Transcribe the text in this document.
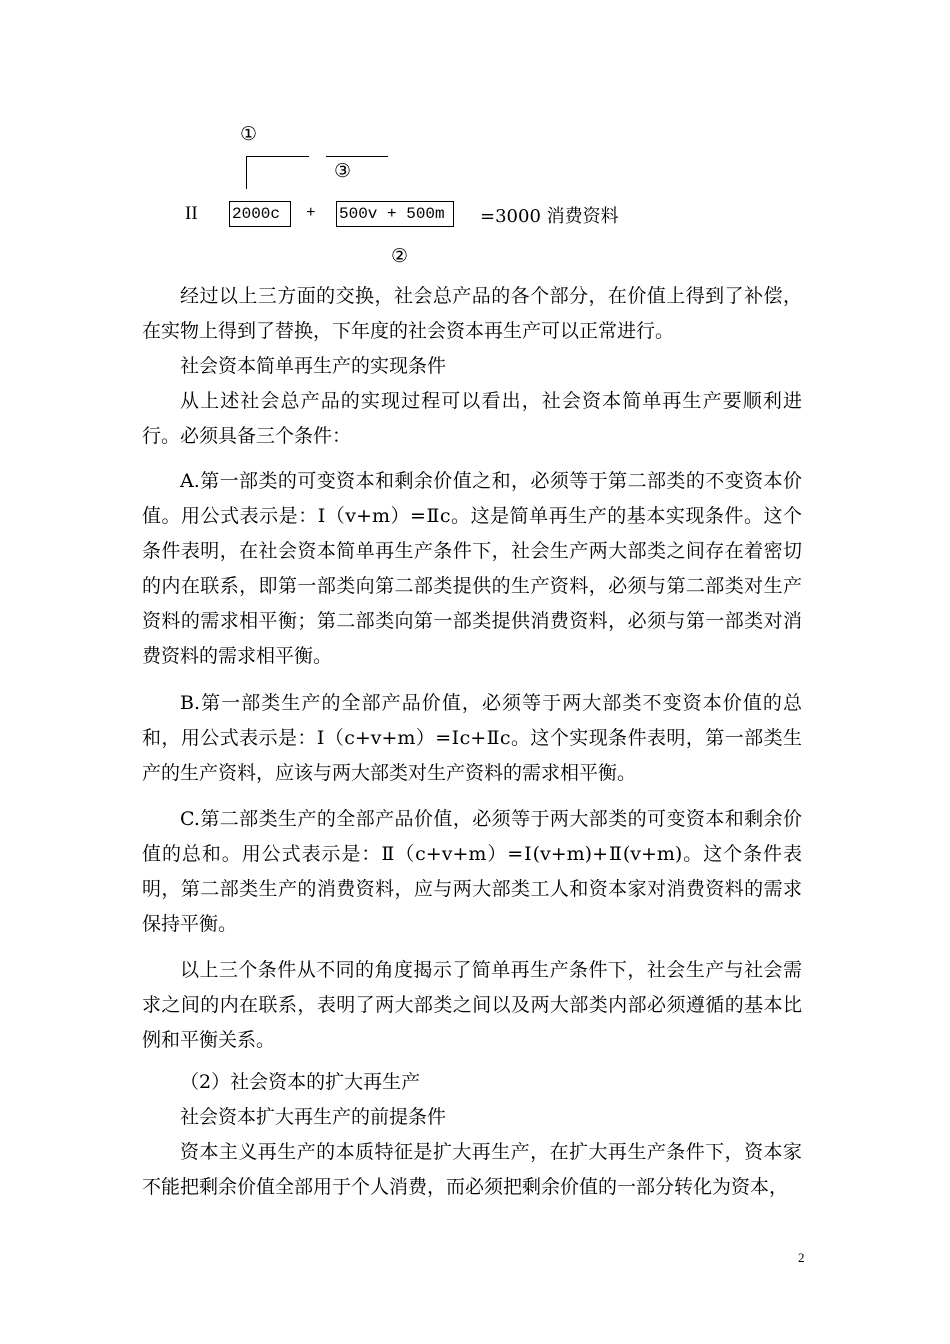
①
③
II 2000c	+ 500v + 500m	=3000 消费资料
②

经过以上三方面的交换，社会总产品的各个部分，在价值上得到了补偿，在实物上得到了替换，下年度的社会资本再生产可以正常进行。

社会资本简单再生产的实现条件

从上述社会总产品的实现过程可以看出，社会资本简单再生产要顺利进行。必须具备三个条件：

A.第一部类的可变资本和剩余价值之和，必须等于第二部类的不变资本价值。用公式表示是：Ⅰ（v+m）=Ⅱc。这是简单再生产的基本实现条件。这个条件表明，在社会资本简单再生产条件下，社会生产两大部类之间存在着密切的内在联系，即第一部类向第二部类提供的生产资料，必须与第二部类对生产资料的需求相平衡；第二部类向第一部类提供消费资料，必须与第一部类对消费资料的需求相平衡。

B.第一部类生产的全部产品价值，必须等于两大部类不变资本价值的总和，用公式表示是：Ⅰ（c+v+m）=Ⅰc+Ⅱc。这个实现条件表明，第一部类生产的生产资料，应该与两大部类对生产资料的需求相平衡。

C.第二部类生产的全部产品价值，必须等于两大部类的可变资本和剩余价值的总和。用公式表示是：Ⅱ（c+v+m）=Ⅰ(v+m)+Ⅱ(v+m)。这个条件表明，第二部类生产的消费资料，应与两大部类工人和资本家对消费资料的需求保持平衡。

以上三个条件从不同的角度揭示了简单再生产条件下，社会生产与社会需求之间的内在联系，表明了两大部类之间以及两大部类内部必须遵循的基本比例和平衡关系。

（2）社会资本的扩大再生产

社会资本扩大再生产的前提条件

资本主义再生产的本质特征是扩大再生产，在扩大再生产条件下，资本家不能把剩余价值全部用于个人消费，而必须把剩余价值的一部分转化为资本，

2
